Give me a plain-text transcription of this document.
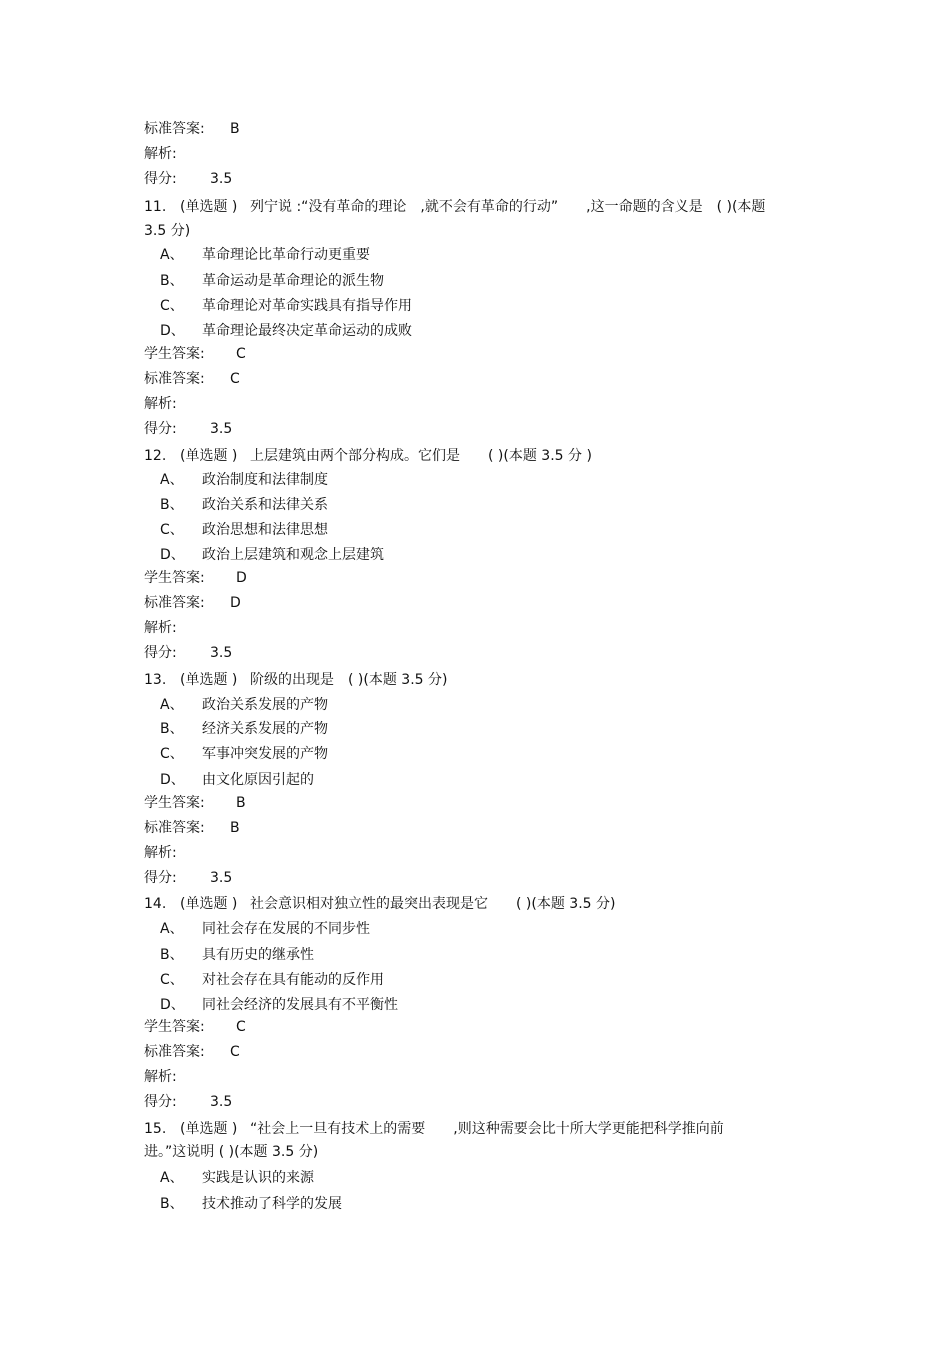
标准答案: B
解析:
得分: 3.5
11. (单选题 ) 列宁说 :“没有革命的理论　,就不会有革命的行动”　　,这一命题的含义是　( )(本题
3.5 分)
A、 革命理论比革命行动更重要
B、 革命运动是革命理论的派生物
C、 革命理论对革命实践具有指导作用
D、 革命理论最终决定革命运动的成败
学生答案: C
标准答案: C
解析:
得分: 3.5
12. (单选题 ) 上层建筑由两个部分构成。它们是　　( )(本题 3.5 分 )
A、 政治制度和法律制度
B、 政治关系和法律关系
C、 政治思想和法律思想
D、 政治上层建筑和观念上层建筑
学生答案: D
标准答案: D
解析:
得分: 3.5
13. (单选题 ) 阶级的出现是　( )(本题 3.5 分)
A、 政治关系发展的产物
B、 经济关系发展的产物
C、 军事冲突发展的产物
D、 由文化原因引起的
学生答案: B
标准答案: B
解析:
得分: 3.5
14. (单选题 ) 社会意识相对独立性的最突出表现是它　　( )(本题 3.5 分)
A、 同社会存在发展的不同步性
B、 具有历史的继承性
C、 对社会存在具有能动的反作用
D、 同社会经济的发展具有不平衡性
学生答案: C
标准答案: C
解析:
得分: 3.5
15. (单选题 ) “社会上一旦有技术上的需要　　,则这种需要会比十所大学更能把科学推向前
进。”这说明 ( )(本题 3.5 分)
A、 实践是认识的来源
B、 技术推动了科学的发展
